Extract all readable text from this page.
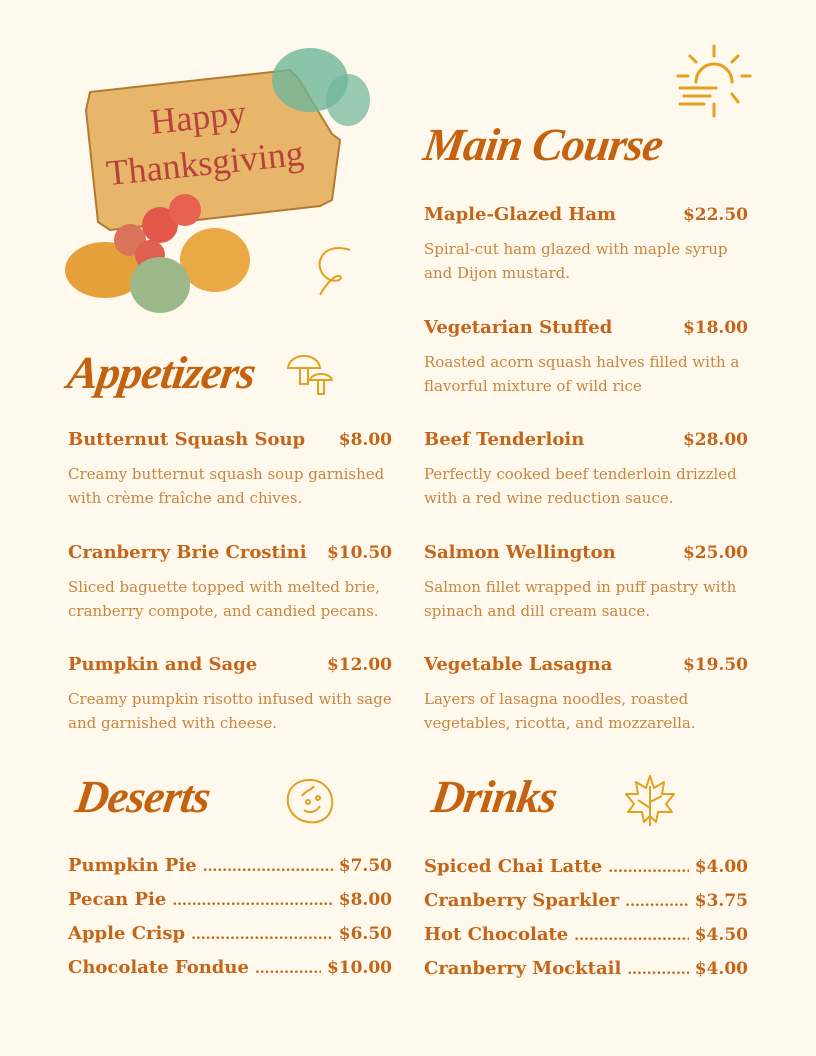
Happy
Thanksgiving
Appetizers
Butternut Squash Soup $8.00
Creamy butternut squash soup garnished with crème fraîche and chives.
Cranberry Brie Crostini $10.50
Sliced baguette topped with melted brie, cranberry compote, and candied pecans.
Pumpkin and Sage	$12.00
Creamy pumpkin risotto infused with sage and garnished with cheese.
Main Course
Maple-Glazed Ham	$22.50
Spiral-cut ham glazed with maple syrup and Dijon mustard.
Vegetarian Stuffed	$18.00
Roasted acorn squash halves filled with a flavorful mixture of wild rice
Beef Tenderloin	$28.00
Perfectly cooked beef tenderloin drizzled with a red wine reduction sauce.
Salmon Wellington	$25.00
Salmon fillet wrapped in puff pastry with spinach and dill cream sauce.
Vegetable Lasagna	$19.50
Layers of lasagna noodles, roasted vegetables, ricotta, and mozzarella.
Deserts
Pumpkin Pie .....	$7.50
Pecan Pie .....	$8.00
Apple Crisp .....	$6.50
Chocolate Fondue .....	$10.00
Drinks
Spiced Chai Latte .....	$4.00
Cranberry Sparkler .....	$3.75
Hot Chocolate .....	$4.50
Cranberry Mocktail .....	$4.00
